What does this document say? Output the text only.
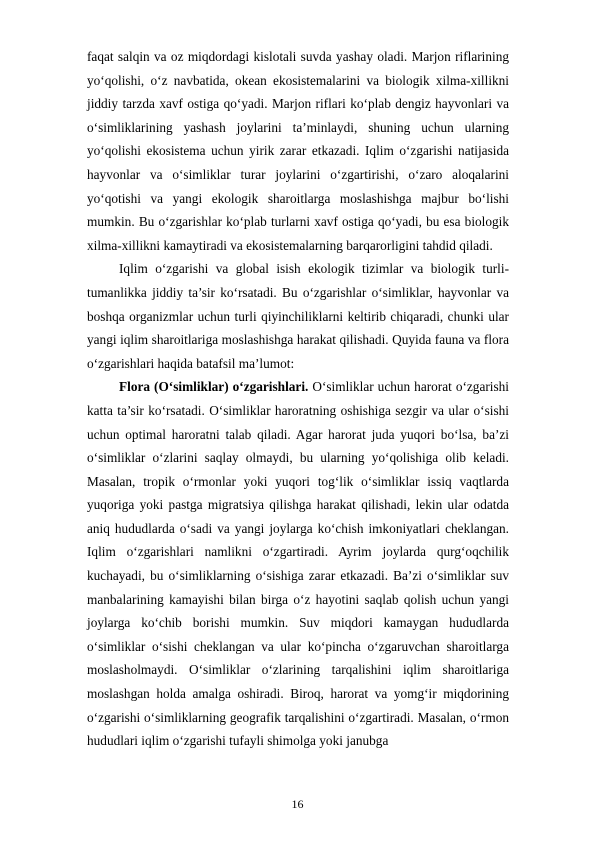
faqat salqin va oz miqdordagi kislotali suvda yashay oladi. Marjon riflarining yo‘qolishi, o‘z navbatida, okean ekosistemalarini va biologik xilma-xillikni jiddiy tarzda xavf ostiga qo‘yadi. Marjon riflari ko‘plab dengiz hayvonlari va o‘simliklarining yashash joylarini ta’minlaydi, shuning uchun ularning yo‘qolishi ekosistema uchun yirik zarar etkazadi. Iqlim o‘zgarishi natijasida hayvonlar va o‘simliklar turar joylarini o‘zgartirishi, o‘zaro aloqalarini yo‘qotishi va yangi ekologik sharoitlarga moslashishga majbur bo‘lishi mumkin. Bu o‘zgarishlar ko‘plab turlarni xavf ostiga qo‘yadi, bu esa biologik xilma-xillikni kamaytiradi va ekosistemalarning barqarorligini tahdid qiladi.

Iqlim o‘zgarishi va global isish ekologik tizimlar va biologik turli-tumanlikka jiddiy ta’sir ko‘rsatadi. Bu o‘zgarishlar o‘simliklar, hayvonlar va boshqa organizmlar uchun turli qiyinchiliklarni keltirib chiqaradi, chunki ular yangi iqlim sharoitlariga moslashishga harakat qilishadi. Quyida fauna va flora o‘zgarishlari haqida batafsil ma’lumot:

Flora (O‘simliklar) o‘zgarishlari. O‘simliklar uchun harorat o‘zgarishi katta ta’sir ko‘rsatadi. O‘simliklar haroratning oshishiga sezgir va ular o‘sishi uchun optimal haroratni talab qiladi. Agar harorat juda yuqori bo‘lsa, ba’zi o‘simliklar o‘zlarini saqlay olmaydi, bu ularning yo‘qolishiga olib keladi. Masalan, tropik o‘rmonlar yoki yuqori tog‘lik o‘simliklar issiq vaqtlarda yuqoriga yoki pastga migratsiya qilishga harakat qilishadi, lekin ular odatda aniq hududlarda o‘sadi va yangi joylarga ko‘chish imkoniyatlari cheklangan. Iqlim o‘zgarishlari namlikni o‘zgartiradi. Ayrim joylarda qurg‘oqchilik kuchayadi, bu o‘simliklarning o‘sishiga zarar etkazadi. Ba’zi o‘simliklar suv manbalarining kamayishi bilan birga o‘z hayotini saqlab qolish uchun yangi joylarga ko‘chib borishi mumkin. Suv miqdori kamaygan hududlarda o‘simliklar o‘sishi cheklangan va ular ko‘pincha o‘zgaruvchan sharoitlarga moslasholmaydi. O‘simliklar o‘zlarining tarqalishini iqlim sharoitlariga moslashgan holda amalga oshiradi. Biroq, harorat va yomg‘ir miqdorining o‘zgarishi o‘simliklarning geografik tarqalishini o‘zgartiradi. Masalan, o‘rmon hududlari iqlim o‘zgarishi tufayli shimolga yoki janubga

16
